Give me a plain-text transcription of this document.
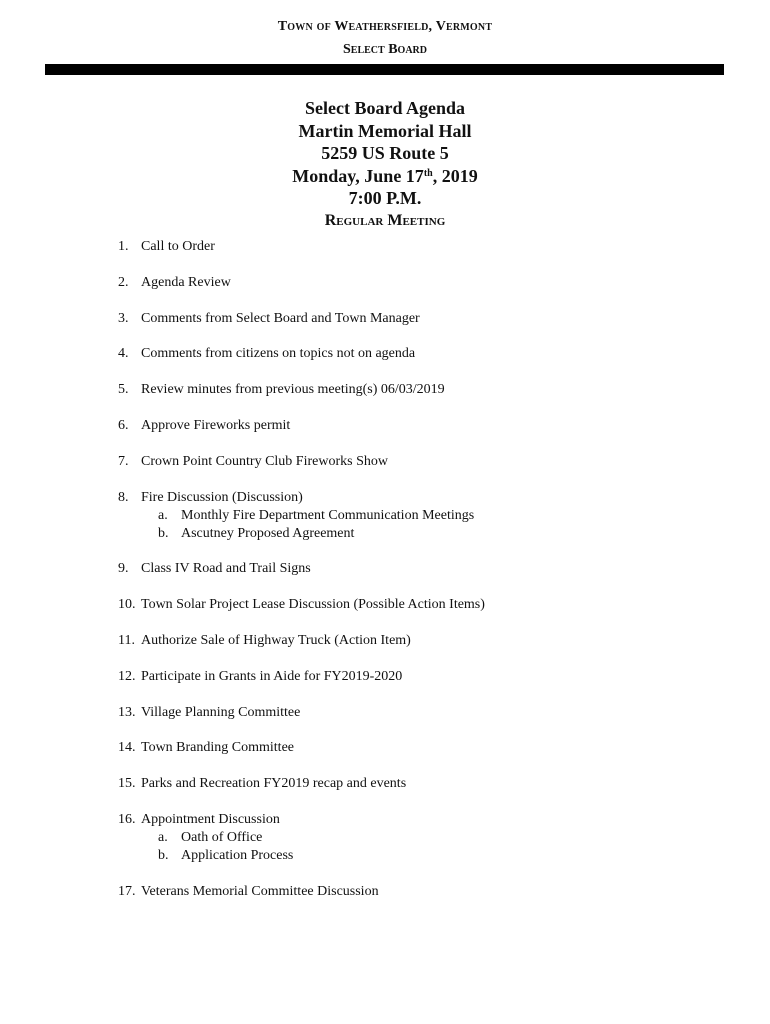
Town of Weathersfield, Vermont
Select Board
Select Board Agenda
Martin Memorial Hall
5259 US Route 5
Monday, June 17th, 2019
7:00 P.M.
Regular Meeting
1. Call to Order
2. Agenda Review
3. Comments from Select Board and Town Manager
4. Comments from citizens on topics not on agenda
5. Review minutes from previous meeting(s) 06/03/2019
6. Approve Fireworks permit
7. Crown Point Country Club Fireworks Show
8. Fire Discussion (Discussion)
a. Monthly Fire Department Communication Meetings
b. Ascutney Proposed Agreement
9. Class IV Road and Trail Signs
10. Town Solar Project Lease Discussion (Possible Action Items)
11. Authorize Sale of Highway Truck (Action Item)
12. Participate in Grants in Aide for FY2019-2020
13. Village Planning Committee
14. Town Branding Committee
15. Parks and Recreation FY2019 recap and events
16. Appointment Discussion
a. Oath of Office
b. Application Process
17. Veterans Memorial Committee Discussion
